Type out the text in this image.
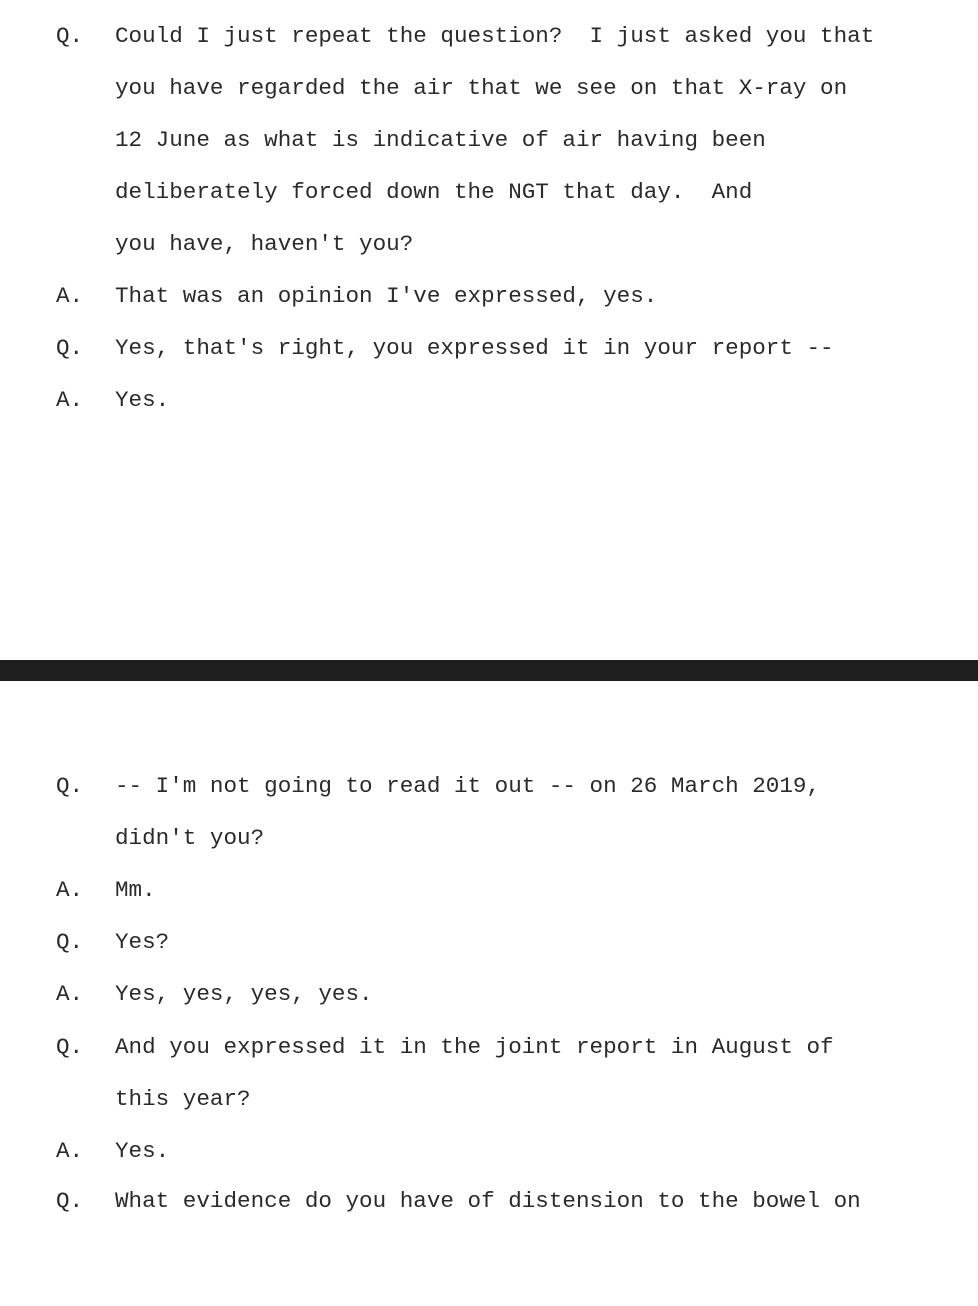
Q.

Could I just repeat the question?  I just asked you that

you have regarded the air that we see on that X-ray on

12 June as what is indicative of air having been

deliberately forced down the NGT that day.  And

you have, haven't you?

A.

That was an opinion I've expressed, yes.

Q.

Yes, that's right, you expressed it in your report --

A.

Yes.

Q.

-- I'm not going to read it out -- on 26 March 2019,

didn't you?

A.

Mm.

Q.

Yes?

A.

Yes, yes, yes, yes.

Q.

And you expressed it in the joint report in August of

this year?

A.

Yes.

Q.

What evidence do you have of distension to the bowel on
